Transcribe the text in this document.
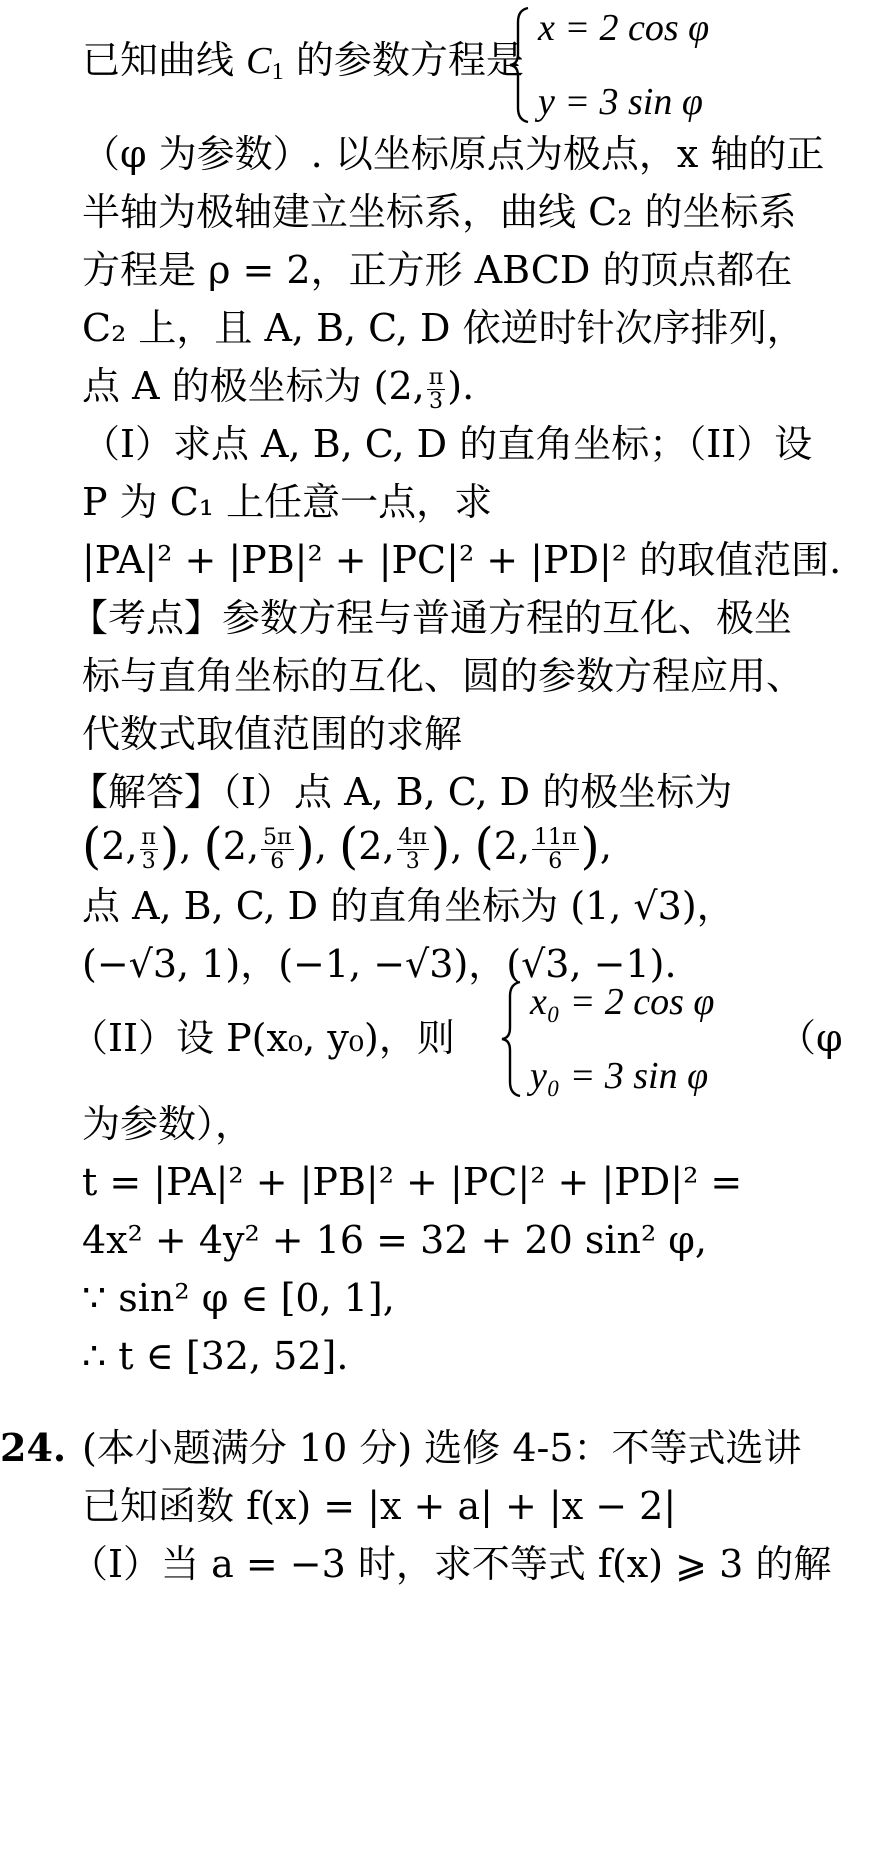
已知曲线 $C_1$ 的参数方程是
x = 2 cos φ
y = 3 sin φ
（φ 为参数）. 以坐标原点为极点，x 轴的正
半轴为极轴建立坐标系，曲线 C₂ 的坐标系
方程是 ρ = 2，正方形 ABCD 的顶点都在
C₂ 上，且 A, B, C, D 依逆时针次序排列，
点 A 的极坐标为 (2, $\frac{\pi}{3}$ ).
（I）求点 A, B, C, D 的直角坐标；（II）设
P 为 C₁ 上任意一点，求
|PA|² + |PB|² + |PC|² + |PD|² 的取值范围.
【考点】参数方程与普通方程的互化、极坐
标与直角坐标的互化、圆的参数方程应用、
代数式取值范围的求解
【解答】（I）点 A, B, C, D 的极坐标为
(2, $\frac{\pi}{3}$ ), (2, $\frac{5\pi}{6}$ ), (2, $\frac{4\pi}{3}$ ), (2, $\frac{11\pi}{6}$ ),
点 A, B, C, D 的直角坐标为 (1, √3)，
(−√3, 1)，(−1, −√3)，(√3, −1).
（II）设 P(x₀, y₀)，则
x₀ = 2 cos φ
y₀ = 3 sin φ
（φ
为参数），
t = |PA|² + |PB|² + |PC|² + |PD|² =
4x² + 4y² + 16 = 32 + 20 sin² φ,
∵ sin² φ ∈ [0, 1],
∴ t ∈ [32, 52].
24. (本小题满分 10 分) 选修 4-5：不等式选讲
已知函数 f(x) = |x + a| + |x − 2|
（I）当 a = −3 时，求不等式 f(x) ⩾ 3 的解
